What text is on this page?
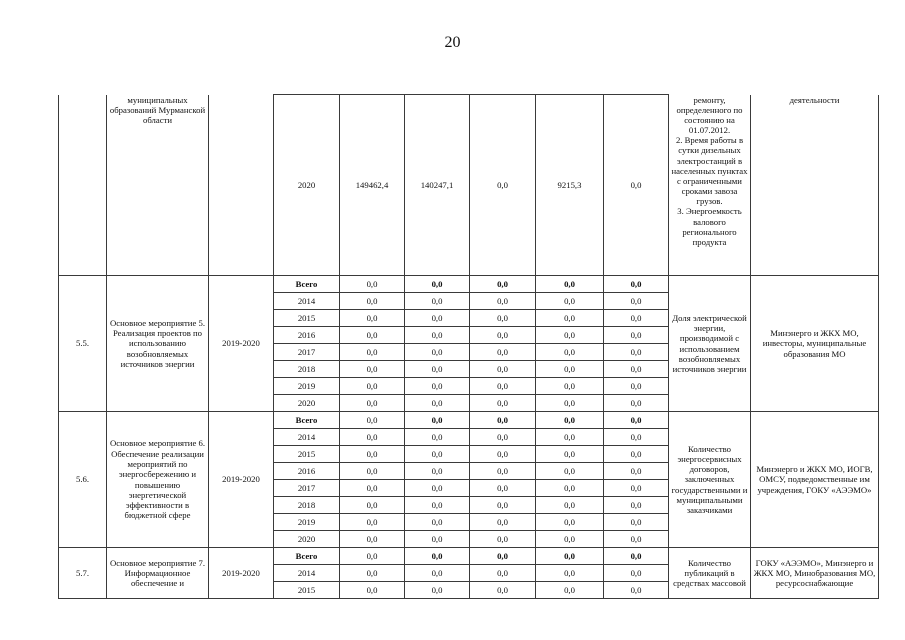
20
	муниципальных образований Мурманской области		2020	149462,4	140247,1	0,0	9215,3	0,0	ремонту, определенного по состоянию на 01.07.2012.
2. Время работы в сутки дизельных электростанций в населенных пунктах с ограниченными сроками завоза грузов.
3. Энергоемкость валового регионального продукта	деятельности
5.5.	Основное мероприятие 5. Реализация проектов по использованию возобновляемых источников энергии	2019-2020	Всего	0,0	0,0	0,0	0,0	0,0	Доля электрической энергии, производимой с использованием возобновляемых источников энергии	Минэнерго и ЖКХ МО, инвесторы, муниципальные образования МО
			2014	0,0	0,0	0,0	0,0	0,0		
			2015	0,0	0,0	0,0	0,0	0,0		
			2016	0,0	0,0	0,0	0,0	0,0		
			2017	0,0	0,0	0,0	0,0	0,0		
			2018	0,0	0,0	0,0	0,0	0,0		
			2019	0,0	0,0	0,0	0,0	0,0		
			2020	0,0	0,0	0,0	0,0	0,0		
5.6.	Основное мероприятие 6. Обеспечение реализации мероприятий по энергосбережению и повышению энергетической эффективности в бюджетной сфере	2019-2020	Всего	0,0	0,0	0,0	0,0	0,0	Количество энергосервисных договоров, заключенных государственными и муниципальными заказчиками	Минэнерго и ЖКХ МО, ИОГВ, ОМСУ, подведомственные им учреждения, ГОКУ «АЭЭМО»
			2014	0,0	0,0	0,0	0,0	0,0		
			2015	0,0	0,0	0,0	0,0	0,0		
			2016	0,0	0,0	0,0	0,0	0,0		
			2017	0,0	0,0	0,0	0,0	0,0		
			2018	0,0	0,0	0,0	0,0	0,0		
			2019	0,0	0,0	0,0	0,0	0,0		
			2020	0,0	0,0	0,0	0,0	0,0		
5.7.	Основное мероприятие 7. Информационное обеспечение и	2019-2020	Всего	0,0	0,0	0,0	0,0	0,0	Количество публикаций в средствах массовой	ГОКУ «АЭЭМО», Минэнерго и ЖКХ МО, Минобразования МО, ресурсоснабжающие
			2014	0,0	0,0	0,0	0,0	0,0		
			2015	0,0	0,0	0,0	0,0	0,0		
